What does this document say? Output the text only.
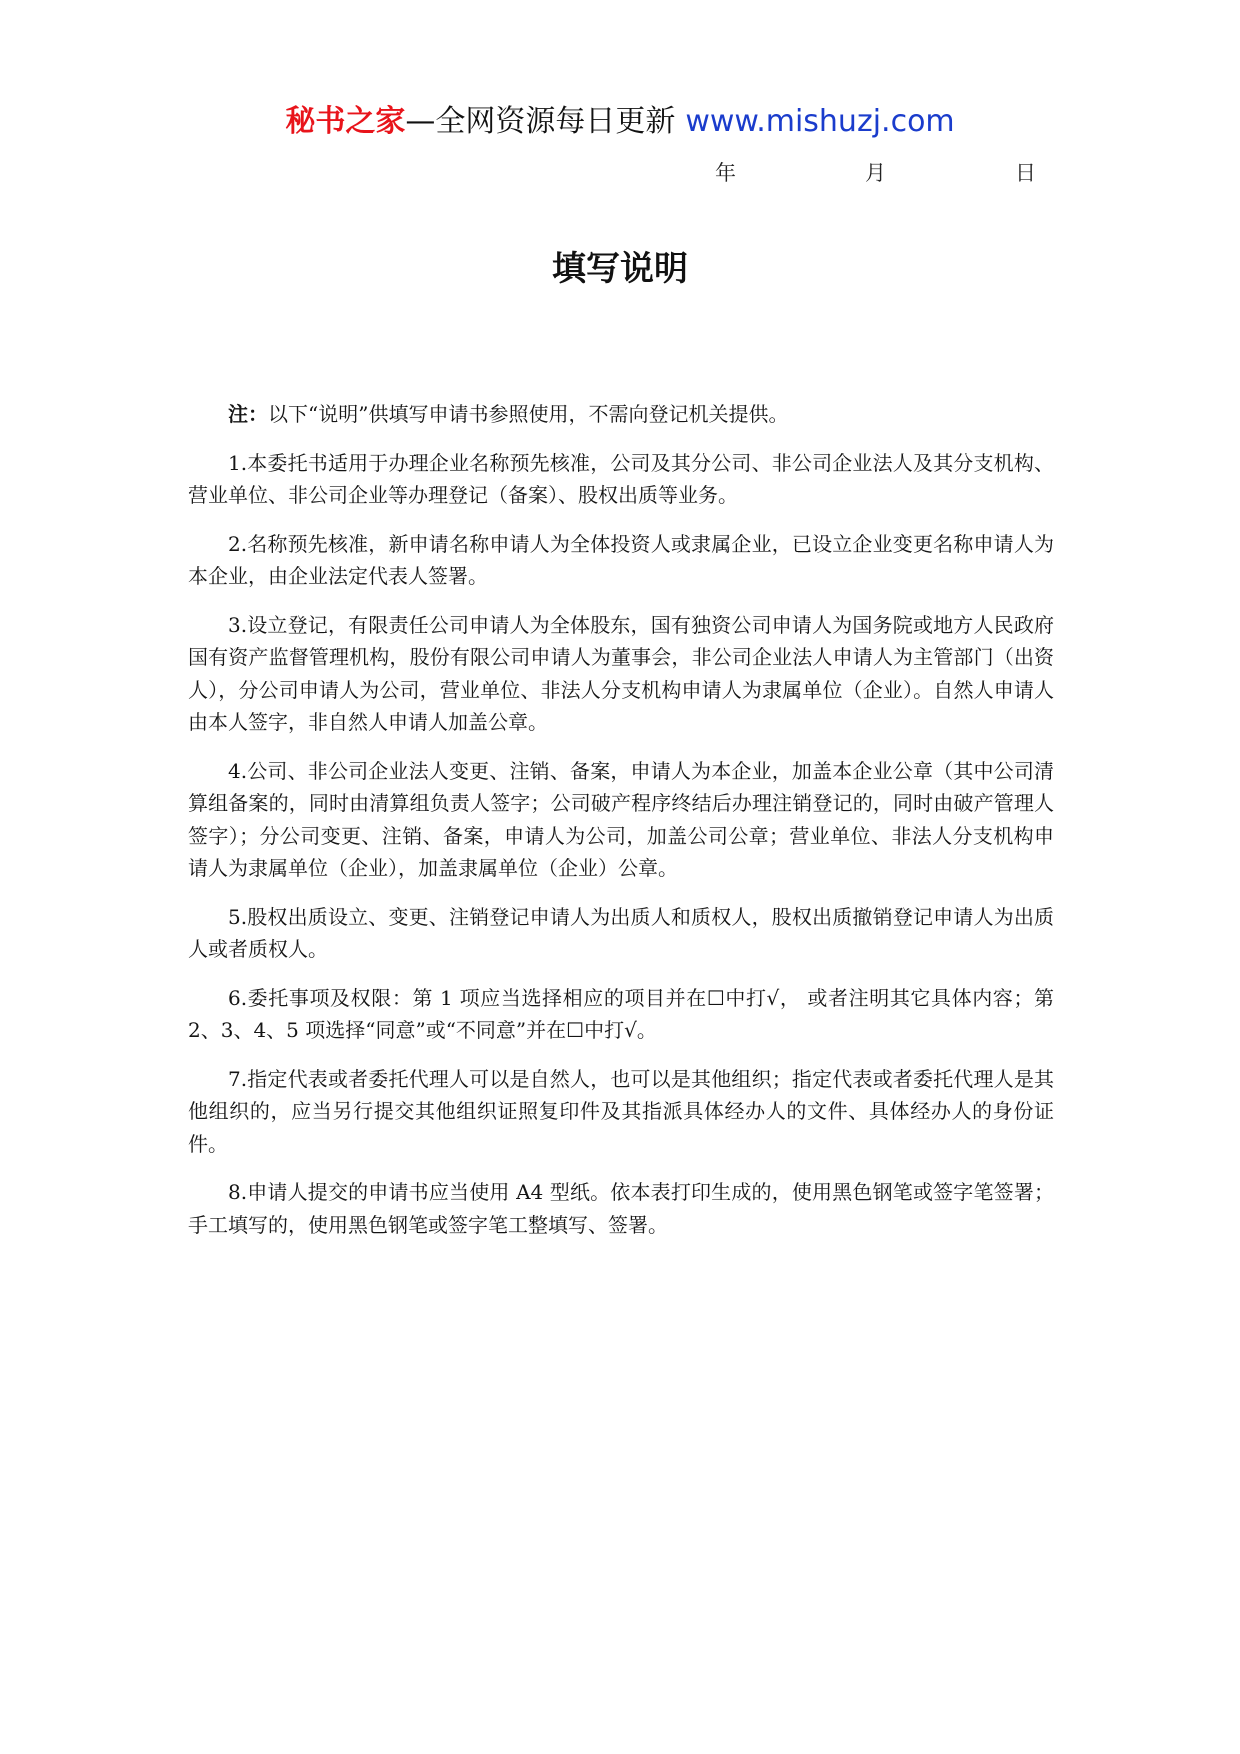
秘书之家—全网资源每日更新 www.mishuzj.com
年	月	日
填写说明

注：以下“说明”供填写申请书参照使用，不需向登记机关提供。

1.本委托书适用于办理企业名称预先核准，公司及其分公司、非公司企业法人及其分支机构、营业单位、非公司企业等办理登记（备案）、股权出质等业务。

2.名称预先核准，新申请名称申请人为全体投资人或隶属企业，已设立企业变更名称申请人为本企业，由企业法定代表人签署。

3.设立登记，有限责任公司申请人为全体股东，国有独资公司申请人为国务院或地方人民政府国有资产监督管理机构，股份有限公司申请人为董事会，非公司企业法人申请人为主管部门（出资人），分公司申请人为公司，营业单位、非法人分支机构申请人为隶属单位（企业）。自然人申请人由本人签字，非自然人申请人加盖公章。

4.公司、非公司企业法人变更、注销、备案，申请人为本企业，加盖本企业公章（其中公司清算组备案的，同时由清算组负责人签字；公司破产程序终结后办理注销登记的，同时由破产管理人签字）；分公司变更、注销、备案，申请人为公司，加盖公司公章；营业单位、非法人分支机构申请人为隶属单位（企业），加盖隶属单位（企业）公章。

5.股权出质设立、变更、注销登记申请人为出质人和质权人，股权出质撤销登记申请人为出质人或者质权人。

6.委托事项及权限：第 1 项应当选择相应的项目并在☐中打√， 或者注明其它具体内容；第 2、3、4、5 项选择“同意”或“不同意”并在☐中打√。

7.指定代表或者委托代理人可以是自然人，也可以是其他组织；指定代表或者委托代理人是其他组织的，应当另行提交其他组织证照复印件及其指派具体经办人的文件、具体经办人的身份证件。

8.申请人提交的申请书应当使用 A4 型纸。依本表打印生成的，使用黑色钢笔或签字笔签署；手工填写的，使用黑色钢笔或签字笔工整填写、签署。
